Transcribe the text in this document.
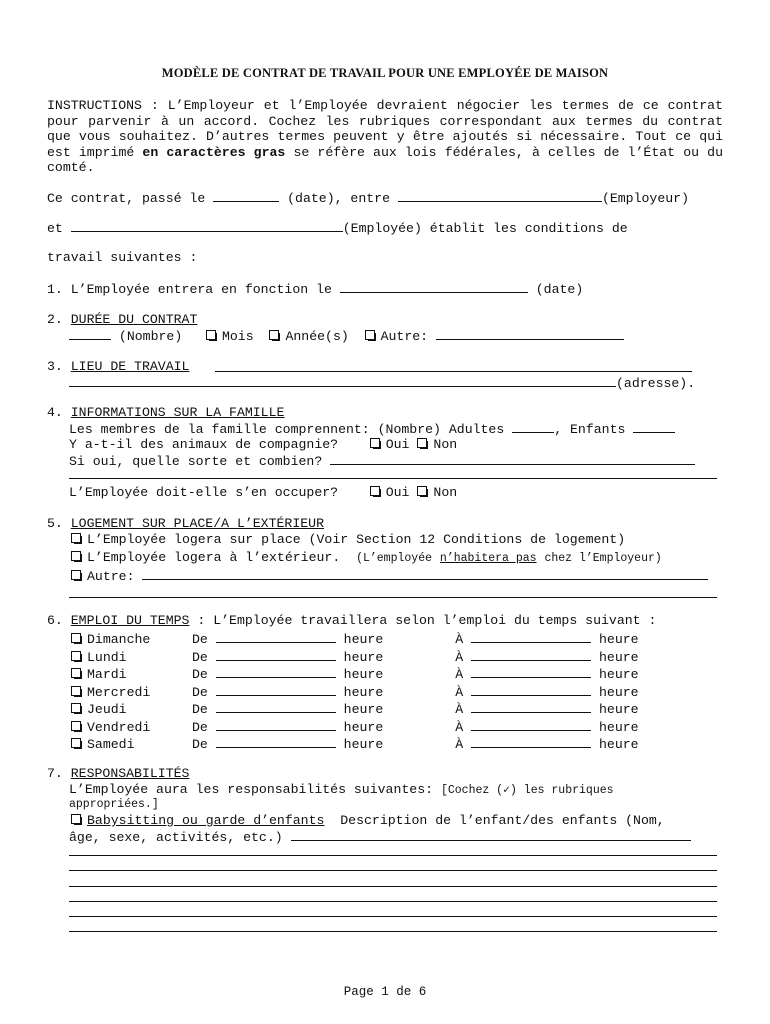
MODÈLE DE CONTRAT DE TRAVAIL POUR UNE EMPLOYÉE DE MAISON
INSTRUCTIONS : L’Employeur et l’Employée devraient négocier les termes de ce contrat pour parvenir à un accord. Cochez les rubriques correspondant aux termes du contrat que vous souhaitez. D’autres termes peuvent y être ajoutés si nécessaire. Tout ce qui est imprimé en caractères gras se réfère aux lois fédérales, à celles de l’État ou du comté.
Ce contrat, passé le	(date), entre	(Employeur)
et	(Employée) établit les conditions de
travail suivantes :
1. L’Employée entrera en fonction le	(date)
2. DURÉE DU CONTRAT
(Nombre)	Mois Année(s) Autre:
3. LIEU DE TRAVAIL
(adresse).
4. INFORMATIONS SUR LA FAMILLE
Les membres de la famille comprennent: (Nombre) Adultes	, Enfants
Y a-t-il des animaux de compagnie?	Oui Non
Si oui, quelle sorte et combien?
L’Employée doit-elle s’en occuper?	Oui Non
5. LOGEMENT SUR PLACE/A L’EXTÉRIEUR
L’Employée logera sur place (Voir Section 12 Conditions de logement)
L’Employée logera à l’extérieur. (L’employée n’habitera pas chez l’Employeur)
Autre:
6. EMPLOI DU TEMPS : L’Employée travaillera selon l’emploi du temps suivant :
Dimanche	De	heure	À	heure
Lundi	De	heure	À	heure
Mardi	De	heure	À	heure
Mercredi	De	heure	À	heure
Jeudi	De	heure	À	heure
Vendredi	De	heure	À	heure
Samedi	De	heure	À	heure
7. RESPONSABILITÉS
L’Employée aura les responsabilités suivantes: [Cochez (✓) les rubriques
appropriées.]
Babysitting ou garde d’enfants Description de l’enfant/des enfants (Nom,
âge, sexe, activités, etc.)
Page 1 de 6
